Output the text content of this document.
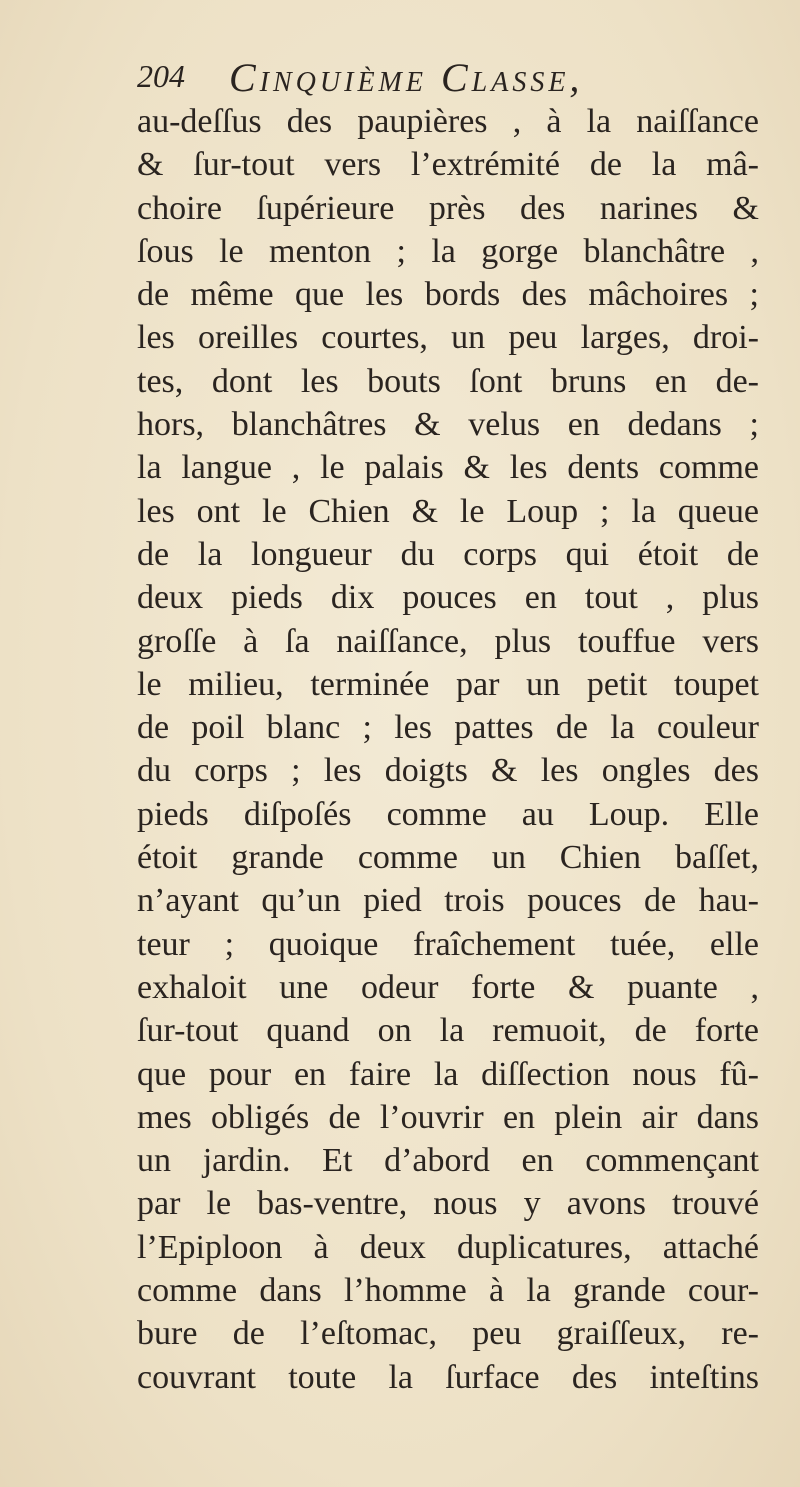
204 Cinquième Classe,
au-deſſus des paupières , à la naiſſance
& ſur-tout vers l’extrémité de la mâ-
choire ſupérieure près des narines &
ſous le menton ; la gorge blanchâtre ,
de même que les bords des mâchoires ;
les oreilles courtes, un peu larges, droi-
tes, dont les bouts ſont bruns en de-
hors, blanchâtres & velus en dedans ;
la langue , le palais & les dents comme
les ont le Chien & le Loup ; la queue
de la longueur du corps qui étoit de
deux pieds dix pouces en tout , plus
groſſe à ſa naiſſance, plus touffue vers
le milieu, terminée par un petit toupet
de poil blanc ; les pattes de la couleur
du corps ; les doigts & les ongles des
pieds diſpoſés comme au Loup. Elle
étoit grande comme un Chien baſſet,
n’ayant qu’un pied trois pouces de hau-
teur ; quoique fraîchement tuée, elle
exhaloit une odeur forte & puante ,
ſur-tout quand on la remuoit, de forte
que pour en faire la diſſection nous fû-
mes obligés de l’ouvrir en plein air dans
un jardin. Et d’abord en commençant
par le bas-ventre, nous y avons trouvé
l’Epiploon à deux duplicatures, attaché
comme dans l’homme à la grande cour-
bure de l’eſtomac, peu graiſſeux, re-
couvrant toute la ſurface des inteſtins
